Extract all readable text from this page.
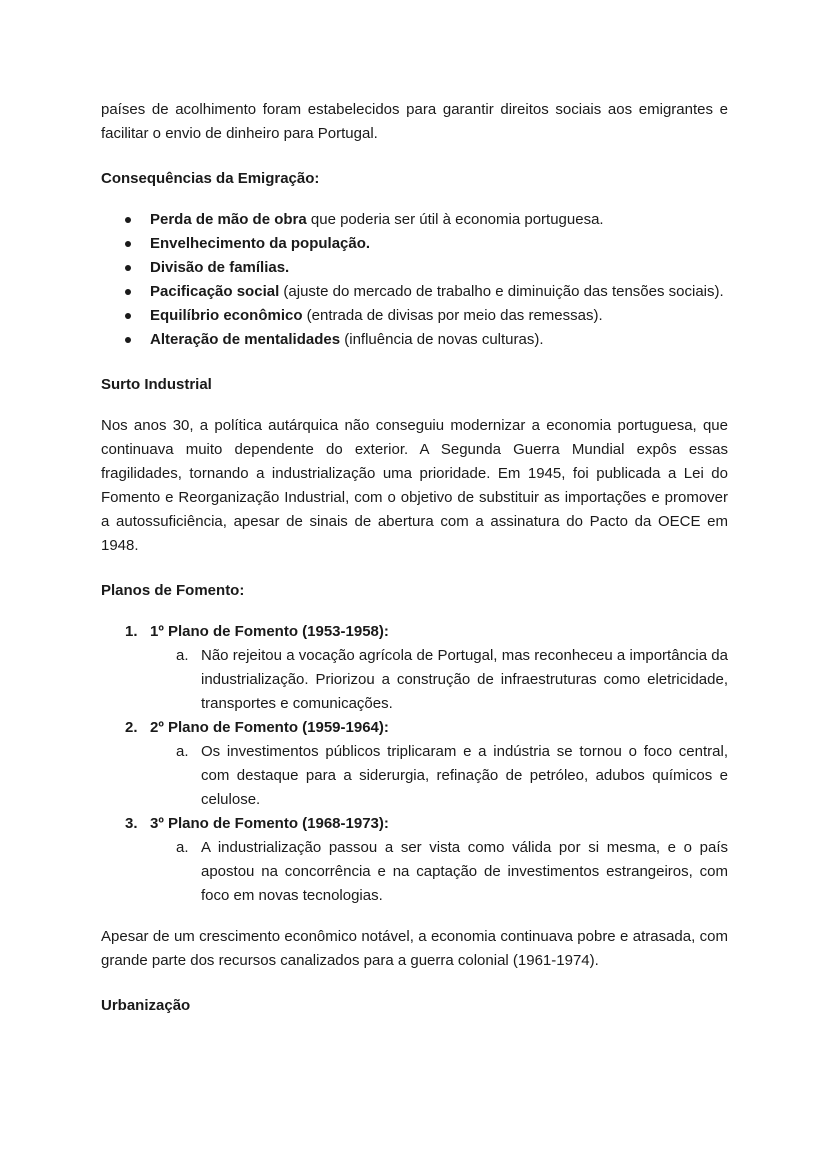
países de acolhimento foram estabelecidos para garantir direitos sociais aos emigrantes e facilitar o envio de dinheiro para Portugal.

Consequências da Emigração:

Perda de mão de obra que poderia ser útil à economia portuguesa.
Envelhecimento da população.
Divisão de famílias.
Pacificação social (ajuste do mercado de trabalho e diminuição das tensões sociais).
Equilíbrio econômico (entrada de divisas por meio das remessas).
Alteração de mentalidades (influência de novas culturas).

Surto Industrial

Nos anos 30, a política autárquica não conseguiu modernizar a economia portuguesa, que continuava muito dependente do exterior. A Segunda Guerra Mundial expôs essas fragilidades, tornando a industrialização uma prioridade. Em 1945, foi publicada a Lei do Fomento e Reorganização Industrial, com o objetivo de substituir as importações e promover a autossuficiência, apesar de sinais de abertura com a assinatura do Pacto da OECE em 1948.

Planos de Fomento:

1. 1º Plano de Fomento (1953-1958):
a. Não rejeitou a vocação agrícola de Portugal, mas reconheceu a importância da industrialização. Priorizou a construção de infraestruturas como eletricidade, transportes e comunicações.
2. 2º Plano de Fomento (1959-1964):
a. Os investimentos públicos triplicaram e a indústria se tornou o foco central, com destaque para a siderurgia, refinação de petróleo, adubos químicos e celulose.
3. 3º Plano de Fomento (1968-1973):
a. A industrialização passou a ser vista como válida por si mesma, e o país apostou na concorrência e na captação de investimentos estrangeiros, com foco em novas tecnologias.

Apesar de um crescimento econômico notável, a economia continuava pobre e atrasada, com grande parte dos recursos canalizados para a guerra colonial (1961-1974).

Urbanização
